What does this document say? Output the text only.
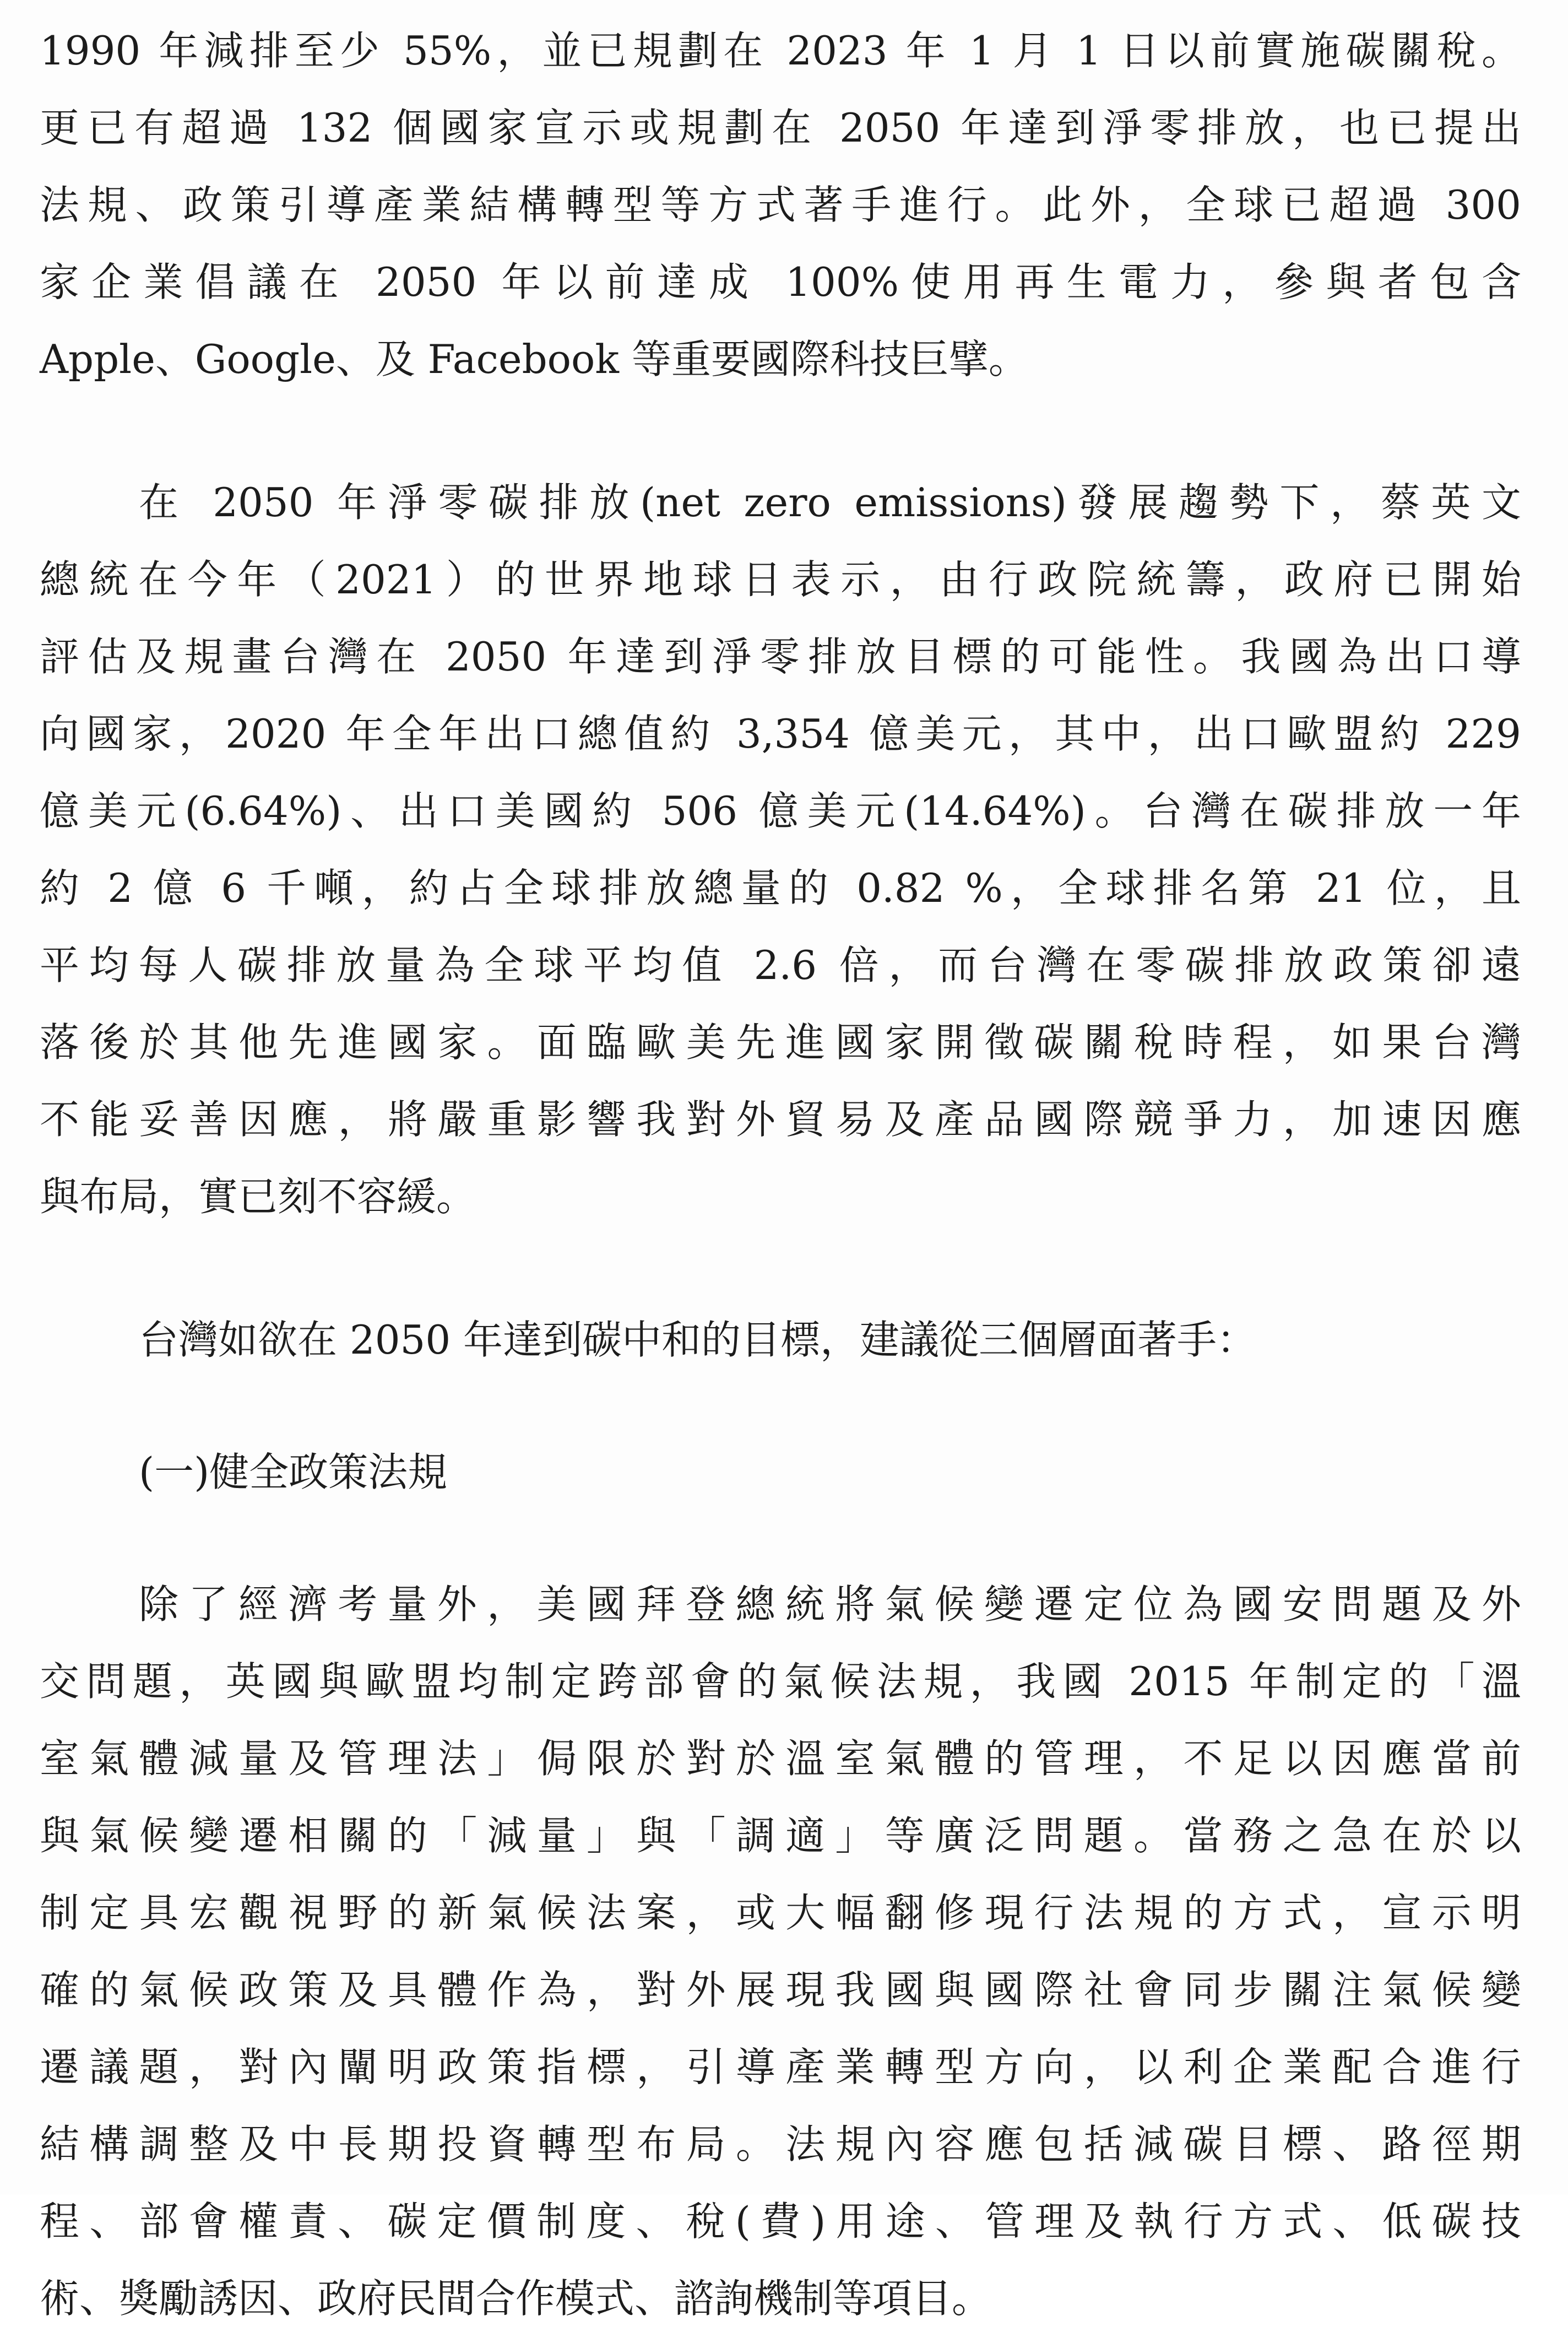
1990 年減排至少 55%，並已規劃在 2023 年 1 月 1 日以前實施碳關稅。
更已有超過 132 個國家宣示或規劃在 2050 年達到淨零排放，也已提出
法規、政策引導產業結構轉型等方式著手進行。此外，全球已超過 300
家企業倡議在 2050 年以前達成 100%使用再生電力，參與者包含
Apple、Google、及 Facebook 等重要國際科技巨擘。
在 2050 年淨零碳排放(net zero emissions)發展趨勢下，蔡英文
總統在今年（2021）的世界地球日表示，由行政院統籌，政府已開始
評估及規畫台灣在 2050 年達到淨零排放目標的可能性。我國為出口導
向國家，2020 年全年出口總值約 3,354 億美元，其中，出口歐盟約 229
億美元(6.64%)、出口美國約 506 億美元(14.64%)。台灣在碳排放一年
約 2 億 6 千噸，約占全球排放總量的 0.82 %，全球排名第 21 位，且
平均每人碳排放量為全球平均值 2.6 倍，而台灣在零碳排放政策卻遠
落後於其他先進國家。面臨歐美先進國家開徵碳關稅時程，如果台灣
不能妥善因應，將嚴重影響我對外貿易及產品國際競爭力，加速因應
與布局，實已刻不容緩。
台灣如欲在 2050 年達到碳中和的目標，建議從三個層面著手：
(一)健全政策法規
除了經濟考量外，美國拜登總統將氣候變遷定位為國安問題及外
交問題，英國與歐盟均制定跨部會的氣候法規，我國 2015 年制定的「溫
室氣體減量及管理法」侷限於對於溫室氣體的管理，不足以因應當前
與氣候變遷相關的「減量」與「調適」等廣泛問題。當務之急在於以
制定具宏觀視野的新氣候法案，或大幅翻修現行法規的方式，宣示明
確的氣候政策及具體作為，對外展現我國與國際社會同步關注氣候變
遷議題，對內闡明政策指標，引導產業轉型方向，以利企業配合進行
結構調整及中長期投資轉型布局。法規內容應包括減碳目標、路徑期
程、部會權責、碳定價制度、稅(費)用途、管理及執行方式、低碳技
術、獎勵誘因、政府民間合作模式、諮詢機制等項目。
